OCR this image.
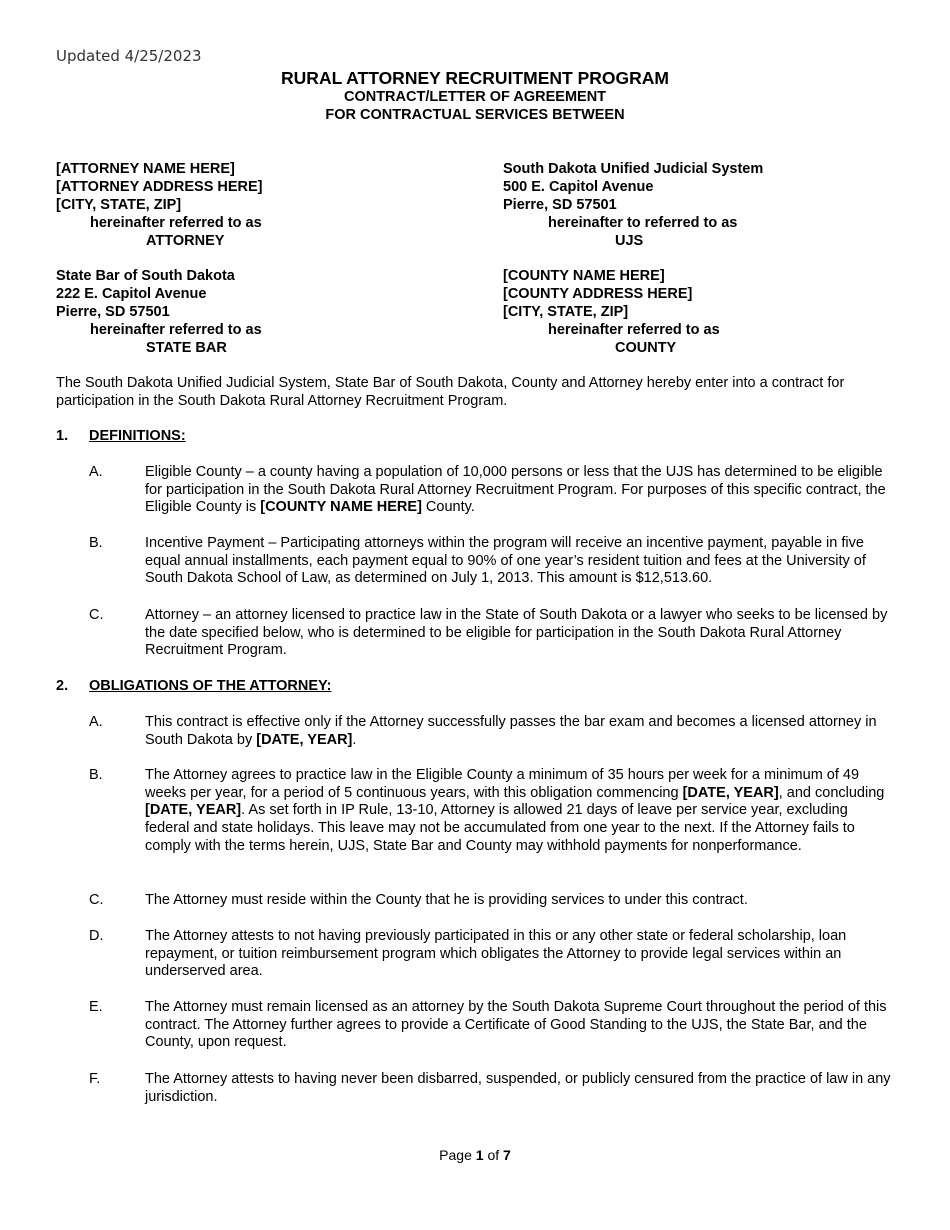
Updated 4/25/2023
RURAL ATTORNEY RECRUITMENT PROGRAM
CONTRACT/LETTER OF AGREEMENT
FOR CONTRACTUAL SERVICES BETWEEN
[ATTORNEY NAME HERE]
[ATTORNEY ADDRESS HERE]
[CITY, STATE, ZIP]
hereinafter referred to as
ATTORNEY
South Dakota Unified Judicial System
500 E. Capitol Avenue
Pierre, SD 57501
hereinafter to referred to as
UJS
State Bar of South Dakota
222 E. Capitol Avenue
Pierre, SD 57501
hereinafter referred to as
STATE BAR
[COUNTY NAME HERE]
[COUNTY ADDRESS HERE]
[CITY, STATE, ZIP]
hereinafter referred to as
COUNTY
The South Dakota Unified Judicial System, State Bar of South Dakota, County and Attorney hereby enter into a contract for participation in the South Dakota Rural Attorney Recruitment Program.
1. DEFINITIONS:
A.	Eligible County – a county having a population of 10,000 persons or less that the UJS has determined to be eligible for participation in the South Dakota Rural Attorney Recruitment Program. For purposes of this specific contract, the Eligible County is [COUNTY NAME HERE] County.
B.	Incentive Payment – Participating attorneys within the program will receive an incentive payment, payable in five equal annual installments, each payment equal to 90% of one year’s resident tuition and fees at the University of South Dakota School of Law, as determined on July 1, 2013. This amount is $12,513.60.
C.	Attorney – an attorney licensed to practice law in the State of South Dakota or a lawyer who seeks to be licensed by the date specified below, who is determined to be eligible for participation in the South Dakota Rural Attorney Recruitment Program.
2. OBLIGATIONS OF THE ATTORNEY:
A.	This contract is effective only if the Attorney successfully passes the bar exam and becomes a licensed attorney in South Dakota by [DATE, YEAR].
B.	The Attorney agrees to practice law in the Eligible County a minimum of 35 hours per week for a minimum of 49 weeks per year, for a period of 5 continuous years, with this obligation commencing [DATE, YEAR], and concluding [DATE, YEAR]. As set forth in IP Rule, 13-10, Attorney is allowed 21 days of leave per service year, excluding federal and state holidays. This leave may not be accumulated from one year to the next. If the Attorney fails to comply with the terms herein, UJS, State Bar and County may withhold payments for nonperformance.
C.	The Attorney must reside within the County that he is providing services to under this contract.
D.	The Attorney attests to not having previously participated in this or any other state or federal scholarship, loan repayment, or tuition reimbursement program which obligates the Attorney to provide legal services within an underserved area.
E.	The Attorney must remain licensed as an attorney by the South Dakota Supreme Court throughout the period of this contract. The Attorney further agrees to provide a Certificate of Good Standing to the UJS, the State Bar, and the County, upon request.
F.	The Attorney attests to having never been disbarred, suspended, or publicly censured from the practice of law in any jurisdiction.
Page 1 of 7
